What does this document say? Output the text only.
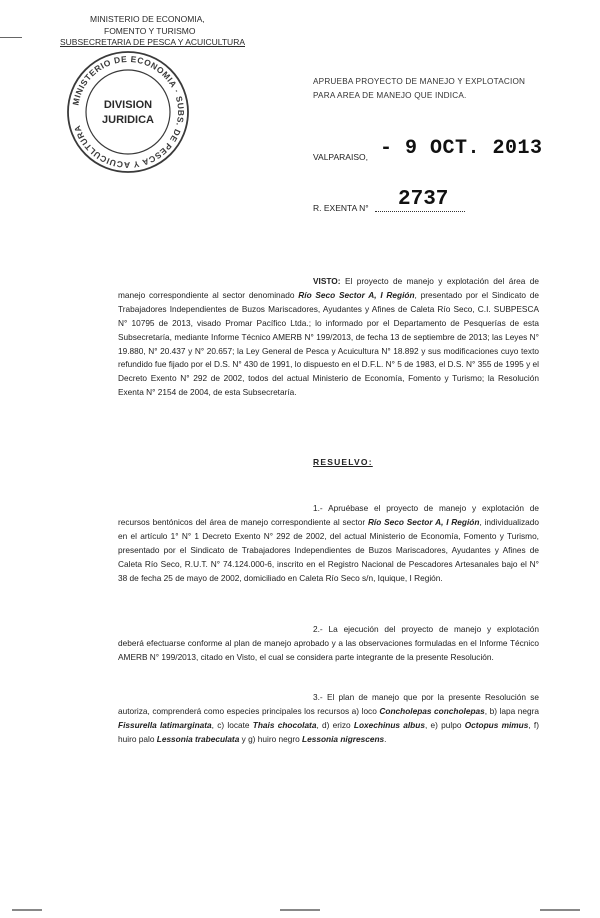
MINISTERIO DE ECONOMIA,
FOMENTO Y TURISMO
SUBSECRETARIA DE PESCA Y ACUICULTURA
MINISTERIO DE ECONOMIA · SUBS. DE PESCA Y ACUICULTURA
DIVISION
JURIDICA
APRUEBA PROYECTO DE MANEJO Y EXPLOTACION
PARA AREA DE MANEJO QUE INDICA.
VALPARAISO, - 9 OCT. 2013
R. EXENTA N° 2737

VISTO: El proyecto de manejo y explotación del área de manejo correspondiente al sector denominado Río Seco Sector A, I Región, presentado por el Sindicato de Trabajadores Independientes de Buzos Mariscadores, Ayudantes y Afines de Caleta Río Seco, C.I. SUBPESCA N° 10795 de 2013, visado Promar Pacífico Ltda.; lo informado por el Departamento de Pesquerías de esta Subsecretaría, mediante Informe Técnico AMERB N° 199/2013, de fecha 13 de septiembre de 2013; las Leyes N° 19.880, N° 20.437 y N° 20.657; la Ley General de Pesca y Acuicultura N° 18.892 y sus modificaciones cuyo texto refundido fue fijado por el D.S. N° 430 de 1991, lo dispuesto en el D.F.L. N° 5 de 1983, el D.S. N° 355 de 1995 y el Decreto Exento N° 292 de 2002, todos del actual Ministerio de Economía, Fomento y Turismo; la Resolución Exenta N° 2154 de 2004, de esta Subsecretaría.

RESUELVO:

1.- Apruébase el proyecto de manejo y explotación de recursos bentónicos del área de manejo correspondiente al sector Río Seco Sector A, I Región, individualizado en el artículo 1° N° 1 Decreto Exento N° 292 de 2002, del actual Ministerio de Economía, Fomento y Turismo, presentado por el Sindicato de Trabajadores Independientes de Buzos Mariscadores, Ayudantes y Afines de Caleta Río Seco, R.U.T. N° 74.124.000-6, inscrito en el Registro Nacional de Pescadores Artesanales bajo el N° 38 de fecha 25 de mayo de 2002, domiciliado en Caleta Río Seco s/n, Iquique, I Región.

2.- La ejecución del proyecto de manejo y explotación deberá efectuarse conforme al plan de manejo aprobado y a las observaciones formuladas en el Informe Técnico AMERB N° 199/2013, citado en Visto, el cual se considera parte integrante de la presente Resolución.

3.- El plan de manejo que por la presente Resolución se autoriza, comprenderá como especies principales los recursos a) loco Concholepas concholepas, b) lapa negra Fissurella latimarginata, c) locate Thais chocolata, d) erizo Loxechinus albus, e) pulpo Octopus mimus, f) huiro palo Lessonia trabeculata y g) huiro negro Lessonia nigrescens.
